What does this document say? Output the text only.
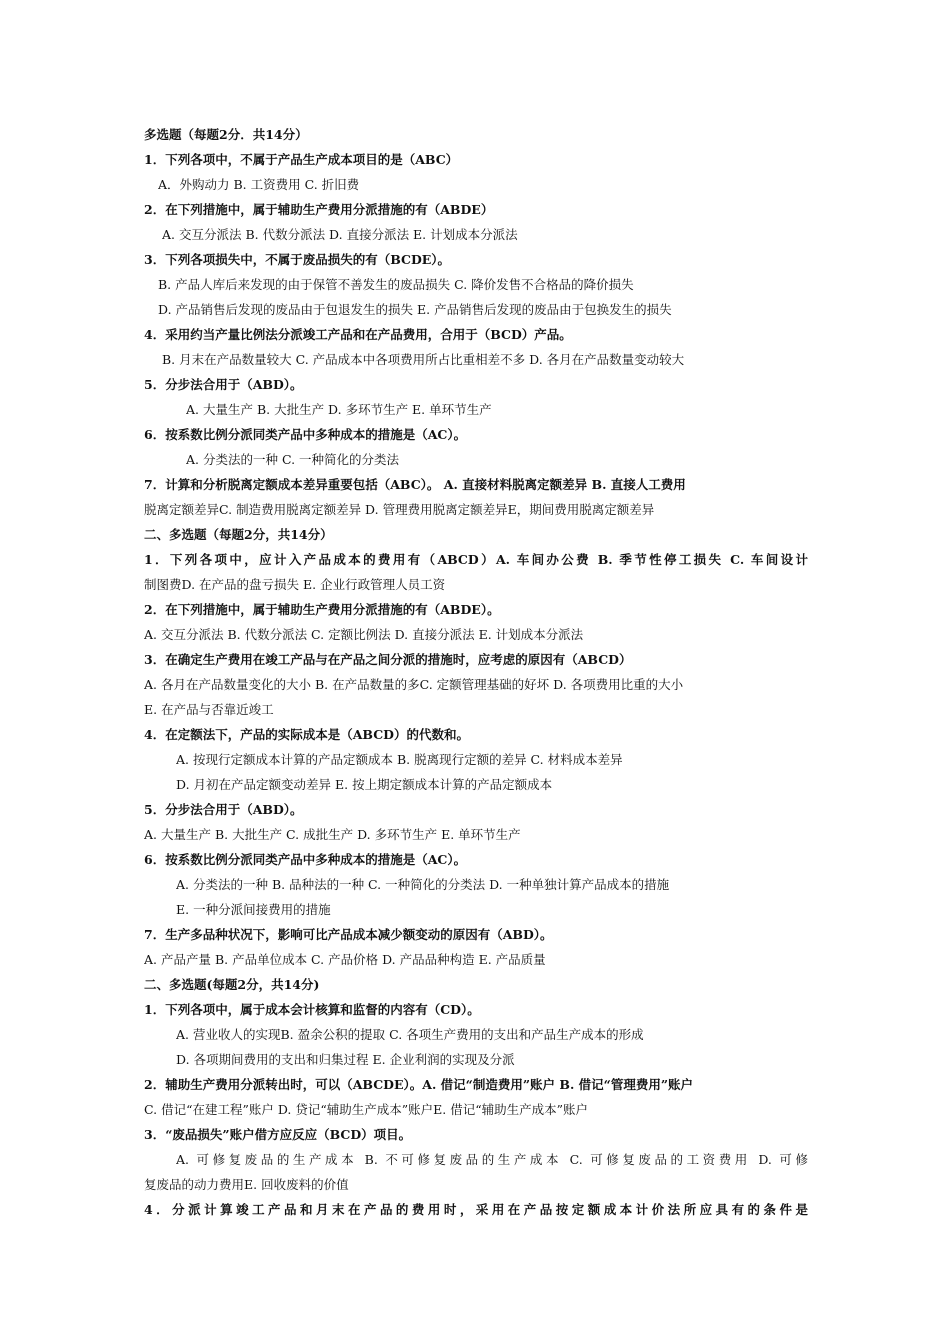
多选题（每题2分．共14分）
1．下列各项中，不属于产品生产成本项目的是（ABC）
A．外购动力 B. 工资费用 C. 折旧费
2．在下列措施中，属于辅助生产费用分派措施的有（ABDE）
A. 交互分派法 B. 代数分派法 D. 直接分派法 E. 计划成本分派法
3．下列各项损失中，不属于废品损失的有（BCDE）。
B. 产品人库后来发现的由于保管不善发生的废品损失 C. 降价发售不合格品的降价损失
D. 产品销售后发现的废品由于包退发生的损失 E. 产品销售后发现的废品由于包换发生的损失
4．采用约当产量比例法分派竣工产品和在产品费用，合用于（BCD）产品。
B. 月末在产品数量较大 C. 产品成本中各项费用所占比重相差不多 D. 各月在产品数量变动较大
5．分步法合用于（ABD）。
A. 大量生产 B. 大批生产 D. 多环节生产 E. 单环节生产
6．按系数比例分派同类产品中多种成本的措施是（AC）。
A. 分类法的一种 C. 一种简化的分类法
7．计算和分析脱离定额成本差异重要包括（ABC）。 A. 直接材料脱离定额差异 B. 直接人工费用
脱离定额差异C. 制造费用脱离定额差异 D. 管理费用脱离定额差异E，期间费用脱离定额差异
二、多选题（每题2分，共14分）
1．下列各项中，应计入产品成本的费用有（ABCD）A. 车间办公费 B. 季节性停工损失 C. 车间设计
制图费D. 在产品的盘亏损失 E. 企业行政管理人员工资
2．在下列措施中，属于辅助生产费用分派措施的有（ABDE）。
A. 交互分派法 B. 代数分派法 C. 定额比例法 D. 直接分派法 E. 计划成本分派法
3．在确定生产费用在竣工产品与在产品之间分派的措施时，应考虑的原因有（ABCD）
A. 各月在产品数量变化的大小 B. 在产品数量的多C. 定额管理基础的好坏 D. 各项费用比重的大小
E. 在产品与否靠近竣工
4．在定额法下，产品的实际成本是（ABCD）的代数和。
A. 按现行定额成本计算的产品定额成本 B. 脱离现行定额的差异 C. 材料成本差异
D. 月初在产品定额变动差异 E. 按上期定额成本计算的产品定额成本
5．分步法合用于（ABD）。
A. 大量生产 B. 大批生产 C. 成批生产 D. 多环节生产 E. 单环节生产
6．按系数比例分派同类产品中多种成本的措施是（AC）。
A. 分类法的一种 B. 品种法的一种 C. 一种简化的分类法 D. 一种单独计算产品成本的措施
E. 一种分派间接费用的措施
7．生产多品种状况下，影响可比产品成本减少额变动的原因有（ABD）。
A. 产品产量 B. 产品单位成本 C. 产品价格 D. 产品品种构造 E. 产品质量
二、多选题(每题2分，共14分)
1．下列各项中，属于成本会计核算和监督的内容有（CD）。
A. 营业收人的实现B. 盈余公积的提取 C. 各项生产费用的支出和产品生产成本的形成
D. 各项期间费用的支出和归集过程 E. 企业利润的实现及分派
2．辅助生产费用分派转出时，可以（ABCDE）。A. 借记“制造费用”账户 B. 借记“管理费用”账户
C. 借记“在建工程”账户 D. 贷记“辅助生产成本”账户E. 借记“辅助生产成本”账户
3．“废品损失”账户借方应反应（BCD）项目。
A. 可修复废品的生产成本 B. 不可修复废品的生产成本 C. 可修复废品的工资费用 D. 可修
复废品的动力费用E. 回收废料的价值
4．分派计算竣工产品和月末在产品的费用时，采用在产品按定额成本计价法所应具有的条件是
